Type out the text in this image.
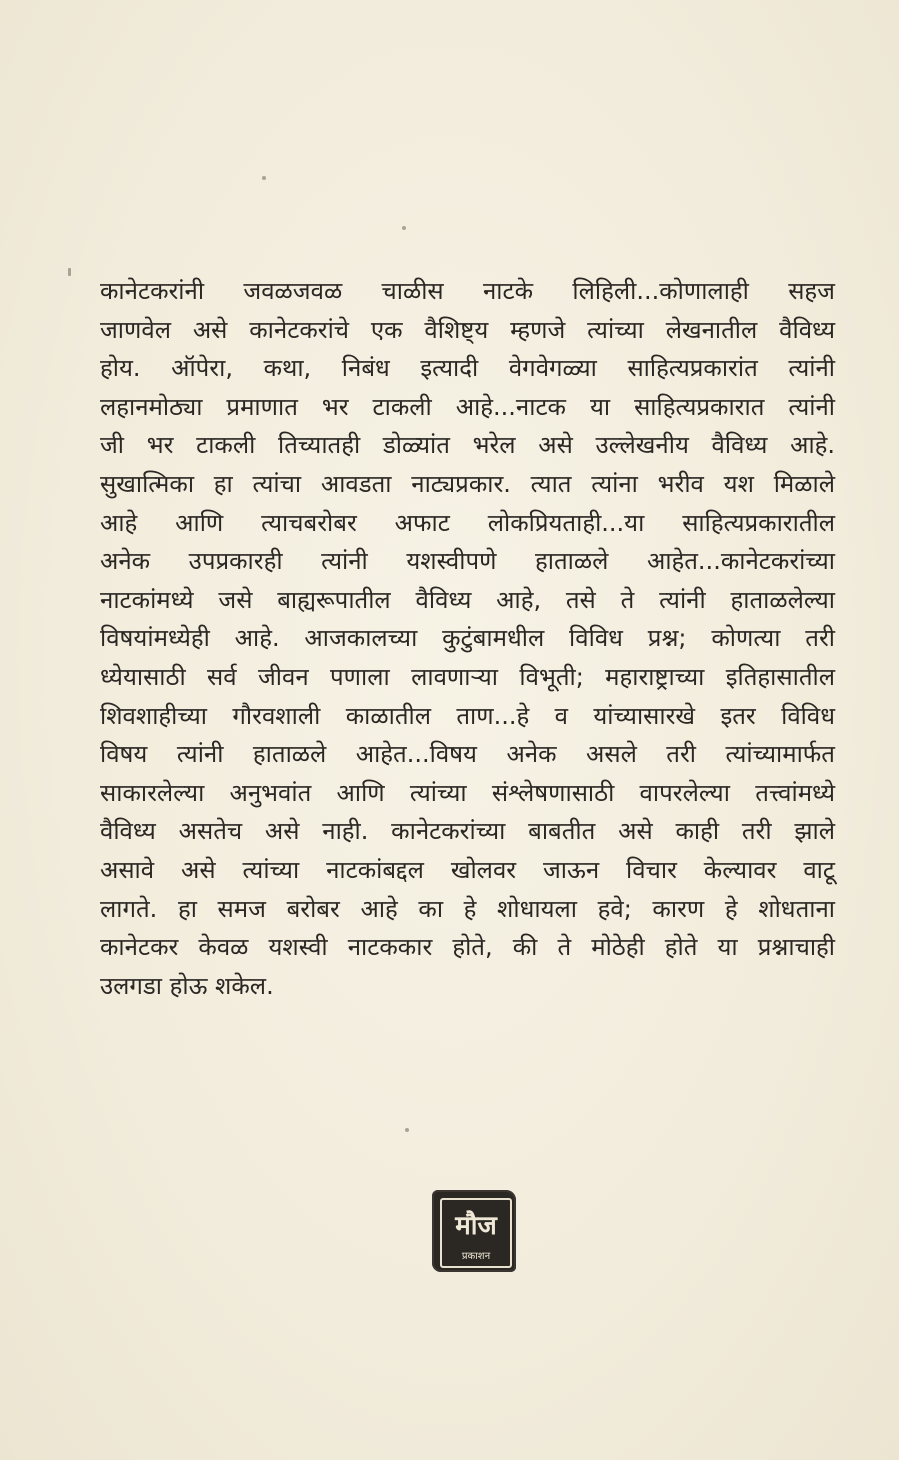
कानेटकरांनी जवळजवळ चाळीस नाटके लिहिली...कोणालाही सहज
जाणवेल असे कानेटकरांचे एक वैशिष्ट्य म्हणजे त्यांच्या लेखनातील वैविध्य
होय. ऑपेरा, कथा, निबंध इत्यादी वेगवेगळ्या साहित्यप्रकारांत त्यांनी
लहानमोठ्या प्रमाणात भर टाकली आहे...नाटक या साहित्यप्रकारात त्यांनी
जी भर टाकली तिच्यातही डोळ्यांत भरेल असे उल्लेखनीय वैविध्य आहे.
सुखात्मिका हा त्यांचा आवडता नाट्यप्रकार. त्यात त्यांना भरीव यश मिळाले
आहे आणि त्याचबरोबर अफाट लोकप्रियताही...या साहित्यप्रकारातील
अनेक उपप्रकारही त्यांनी यशस्वीपणे हाताळले आहेत...कानेटकरांच्या
नाटकांमध्ये जसे बाह्यरूपातील वैविध्य आहे, तसे ते त्यांनी हाताळलेल्या
विषयांमध्येही आहे. आजकालच्या कुटुंबामधील विविध प्रश्न; कोणत्या तरी
ध्येयासाठी सर्व जीवन पणाला लावणाऱ्या विभूती; महाराष्ट्राच्या इतिहासातील
शिवशाहीच्या गौरवशाली काळातील ताण...हे व यांच्यासारखे इतर विविध
विषय त्यांनी हाताळले आहेत...विषय अनेक असले तरी त्यांच्यामार्फत
साकारलेल्या अनुभवांत आणि त्यांच्या संश्लेषणासाठी वापरलेल्या तत्त्वांमध्ये
वैविध्य असतेच असे नाही. कानेटकरांच्या बाबतीत असे काही तरी झाले
असावे असे त्यांच्या नाटकांबद्दल खोलवर जाऊन विचार केल्यावर वाटू
लागते. हा समज बरोबर आहे का हे शोधायला हवे; कारण हे शोधताना
कानेटकर केवळ यशस्वी नाटककार होते, की ते मोठेही होते या प्रश्नाचाही
उलगडा होऊ शकेल.
मौज
प्रकाशन
